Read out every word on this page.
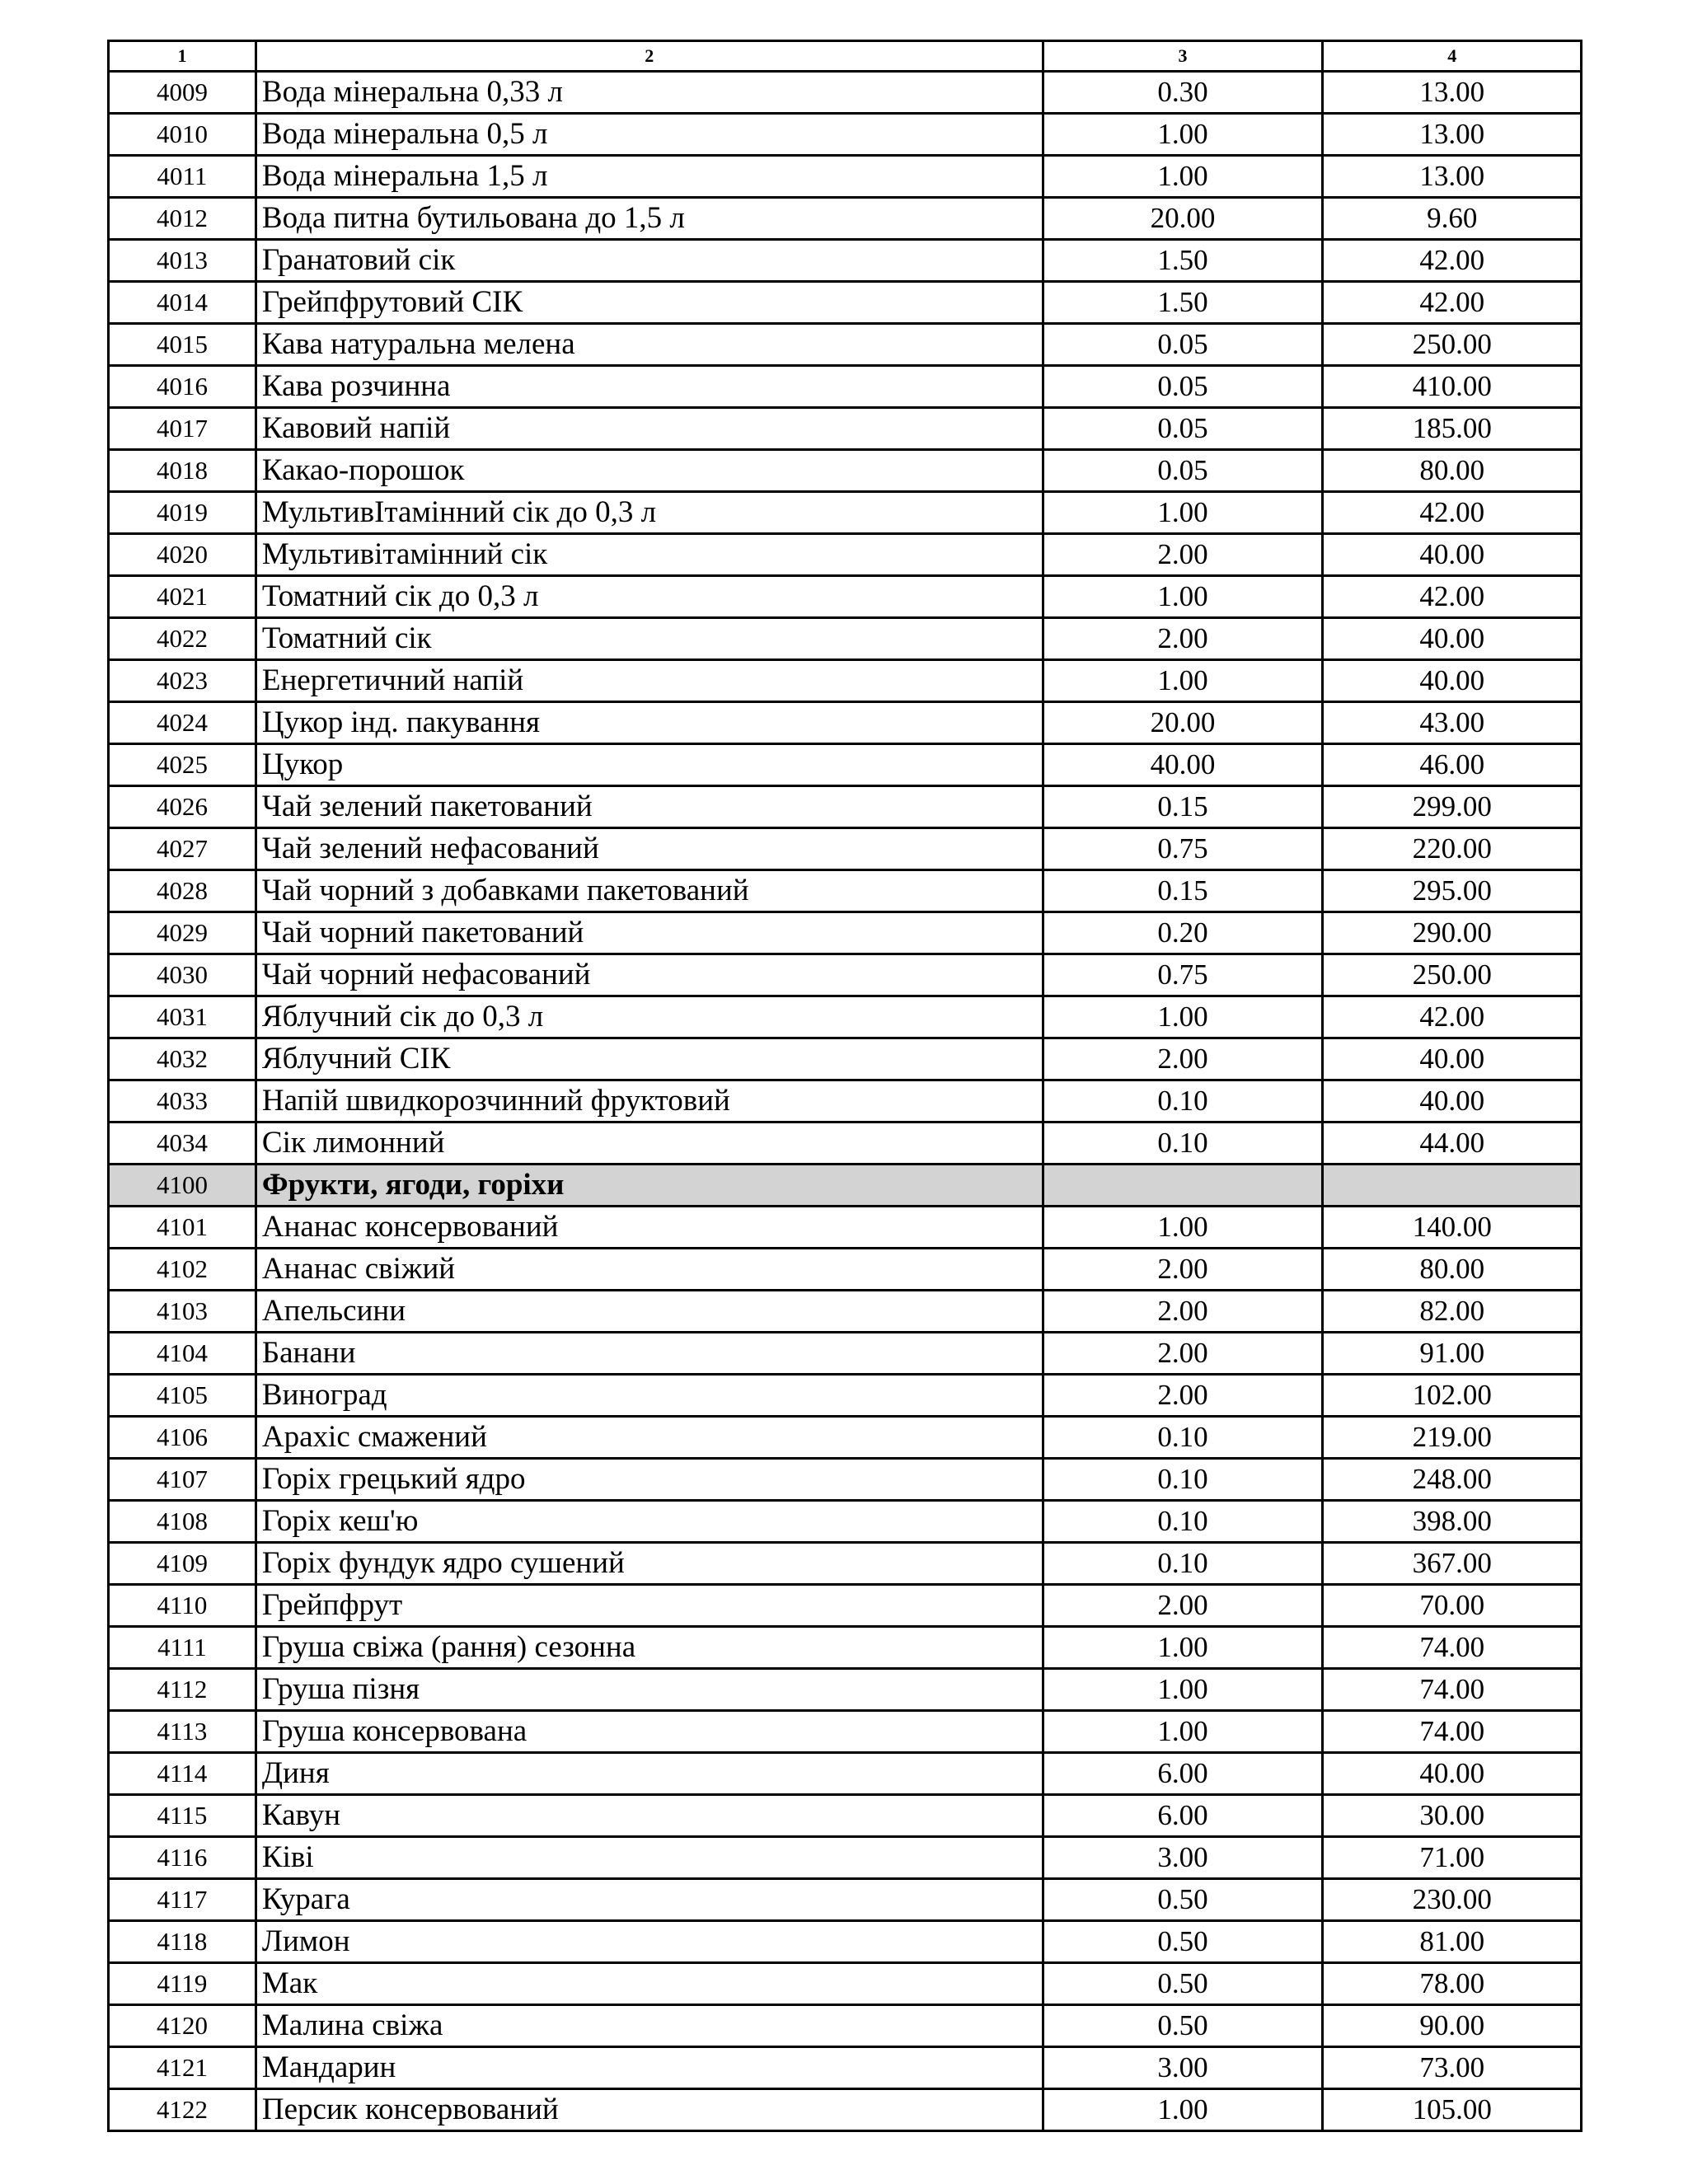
1	2	3	4
4009	Вода мінеральна 0,33 л	0.30	13.00
4010	Вода мінеральна 0,5 л	1.00	13.00
4011	Вода мінеральна 1,5 л	1.00	13.00
4012	Вода питна бутильована до 1,5 л	20.00	9.60
4013	Гранатовий сік	1.50	42.00
4014	Грейпфрутовий СІК	1.50	42.00
4015	Кава натуральна мелена	0.05	250.00
4016	Кава розчинна	0.05	410.00
4017	Кавовий напій	0.05	185.00
4018	Какао-порошок	0.05	80.00
4019	МультивІтамінний сік до 0,3 л	1.00	42.00
4020	Мультивітамінний сік	2.00	40.00
4021	Томатний сік до 0,3 л	1.00	42.00
4022	Томатний сік	2.00	40.00
4023	Енергетичний напій	1.00	40.00
4024	Цукор інд. пакування	20.00	43.00
4025	Цукор	40.00	46.00
4026	Чай зелений пакетований	0.15	299.00
4027	Чай зелений нефасований	0.75	220.00
4028	Чай чорний з добавками пакетований	0.15	295.00
4029	Чай чорний пакетований	0.20	290.00
4030	Чай чорний нефасований	0.75	250.00
4031	Яблучний сік до 0,3 л	1.00	42.00
4032	Яблучний СІК	2.00	40.00
4033	Напій швидкорозчинний фруктовий	0.10	40.00
4034	Сік лимонний	0.10	44.00
4100	Фрукти, ягоди, горіхи		
4101	Ананас консервований	1.00	140.00
4102	Ананас свіжий	2.00	80.00
4103	Апельсини	2.00	82.00
4104	Банани	2.00	91.00
4105	Виноград	2.00	102.00
4106	Арахіс смажений	0.10	219.00
4107	Горіх грецький ядро	0.10	248.00
4108	Горіх кеш'ю	0.10	398.00
4109	Горіх фундук ядро сушений	0.10	367.00
4110	Грейпфрут	2.00	70.00
4111	Груша свіжа (рання) сезонна	1.00	74.00
4112	Груша пізня	1.00	74.00
4113	Груша консервована	1.00	74.00
4114	Диня	6.00	40.00
4115	Кавун	6.00	30.00
4116	Ківі	3.00	71.00
4117	Курага	0.50	230.00
4118	Лимон	0.50	81.00
4119	Мак	0.50	78.00
4120	Малина свіжа	0.50	90.00
4121	Мандарин	3.00	73.00
4122	Персик консервований	1.00	105.00
